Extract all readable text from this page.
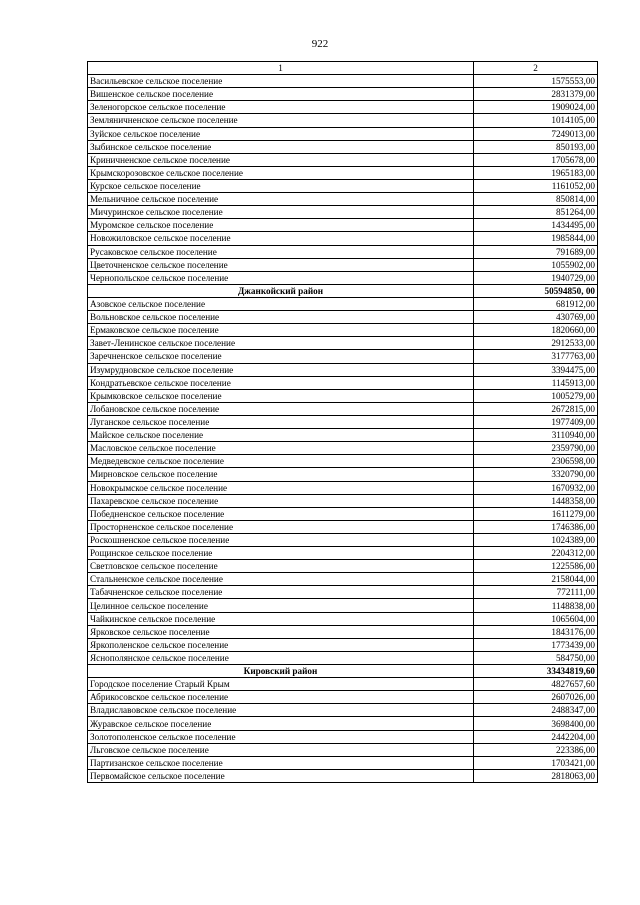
922
1	2
Васильевское сельское поселение	1575553,00
Вишенское сельское поселение	2831379,00
Зеленогорское сельское поселение	1909024,00
Земляничненское сельское поселение	1014105,00
Зуйское сельское поселение	7249013,00
Зыбинское сельское поселение	850193,00
Криничненское сельское поселение	1705678,00
Крымскорозовское сельское поселение	1965183,00
Курское сельское поселение	1161052,00
Мельничное сельское поселение	850814,00
Мичуринское сельское поселение	851264,00
Муромское сельское поселение	1434495,00
Новожиловское сельское поселение	1985844,00
Русаковское сельское поселение	791689,00
Цветочненское сельское поселение	1055902,00
Чернопольское сельское поселение	1940729,00
Джанкойский район	50594850, 00
Азовское сельское поселение	681912,00
Вольновское сельское поселение	430769,00
Ермаковское сельское поселение	1820660,00
Завет-Ленинское сельское поселение	2912533,00
Заречненское сельское поселение	3177763,00
Изумрудновское сельское поселение	3394475,00
Кондратьевское сельское поселение	1145913,00
Крымковское сельское поселение	1005279,00
Лобановское сельское поселение	2672815,00
Луганское сельское поселение	1977409,00
Майское сельское поселение	3110940,00
Масловское сельское поселение	2359790,00
Медведевское сельское поселение	2306598,00
Мирновское сельское поселение	3320790,00
Новокрымское сельское поселение	1670932,00
Пахаревское сельское поселение	1448358,00
Победненское сельское поселение	1611279,00
Просторненское сельское поселение	1746386,00
Роскошненское сельское поселение	1024389,00
Рощинское сельское поселение	2204312,00
Светловское сельское поселение	1225586,00
Стальненское сельское поселение	2158044,00
Табачненское сельское поселение	772111,00
Целинное сельское поселение	1148838,00
Чайкинское сельское поселение	1065604,00
Ярковское сельское поселение	1843176,00
Яркополенское сельское поселение	1773439,00
Яснополянское сельское поселение	584750,00
Кировский район	33434819,60
Городское поселение Старый Крым	4827657,60
Абрикосовское сельское поселение	2607026,00
Владиславовское сельское поселение	2488347,00
Журавское сельское поселение	3698400,00
Золотополенское сельское поселение	2442204,00
Льговское сельское поселение	223386,00
Партизанское сельское поселение	1703421,00
Первомайское сельское поселение	2818063,00
